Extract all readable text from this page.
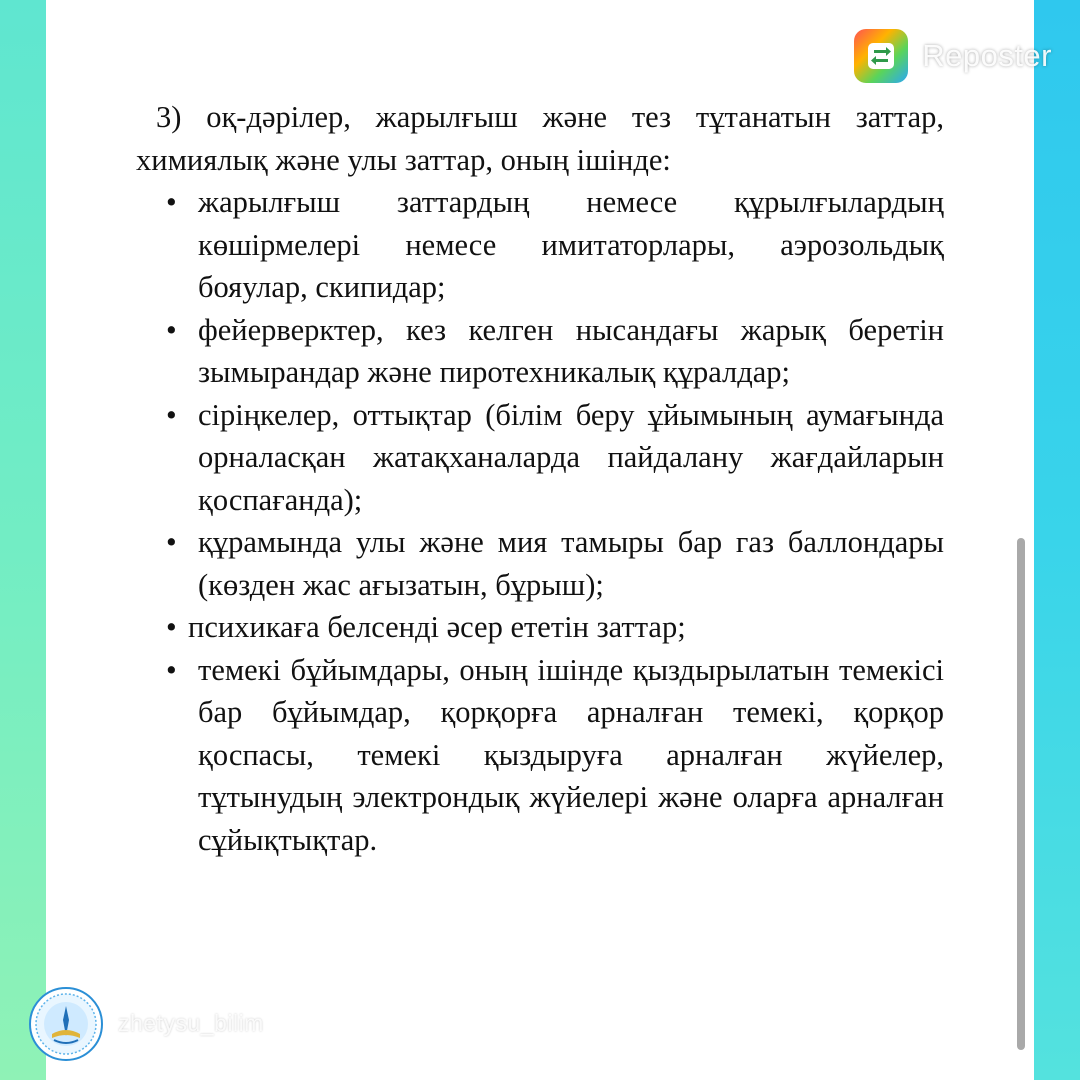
3) оқ-дәрілер, жарылғыш және тез тұтанатын заттар, химиялық және улы заттар, оның ішінде:

• жарылғыш заттардың немесе құрылғылардың көшірмелері немесе имитаторлары, аэрозольдық бояулар, скипидар;
• фейерверктер, кез келген нысандағы жарық беретін зымырандар және пиротехникалық құралдар;
• сіріңкелер, оттықтар (білім беру ұйымының аумағында орналасқан жатақханаларда пайдалану жағдайларын қоспағанда);
• құрамында улы және мия тамыры бар газ баллондары (көзден жас ағызатын, бұрыш);
• психикаға белсенді әсер ететін заттар;
• темекі бұйымдары, оның ішінде қыздырылатын темекісі бар бұйымдар, қорқорға арналған темекі, қорқор қоспасы, темекі қыздыруға арналған жүйелер, тұтынудың электрондық жүйелері және оларға арналған сұйықтықтар.
Reposter
zhetysu_bilim
